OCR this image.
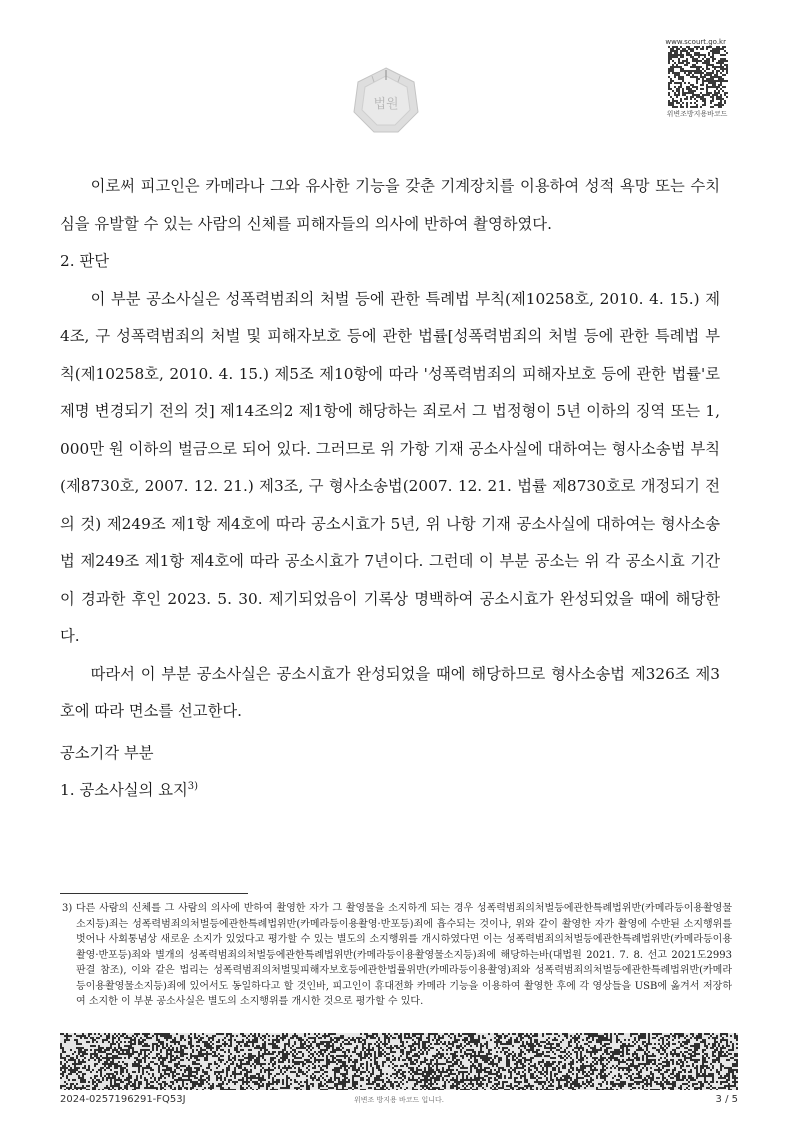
법원
www.scourt.go.kr
위변조방지용바코드

이로써 피고인은 카메라나 그와 유사한 기능을 갖춘 기계장치를 이용하여 성적 욕망 또는 수치심을 유발할 수 있는 사람의 신체를 피해자들의 의사에 반하여 촬영하였다.

2. 판단

이 부분 공소사실은 성폭력범죄의 처벌 등에 관한 특례법 부칙(제10258호, 2010. 4. 15.) 제4조, 구 성폭력범죄의 처벌 및 피해자보호 등에 관한 법률[성폭력범죄의 처벌 등에 관한 특례법 부칙(제10258호, 2010. 4. 15.) 제5조 제10항에 따라 '성폭력범죄의 피해자보호 등에 관한 법률'로 제명 변경되기 전의 것] 제14조의2 제1항에 해당하는 죄로서 그 법정형이 5년 이하의 징역 또는 1,000만 원 이하의 벌금으로 되어 있다. 그러므로 위 가항 기재 공소사실에 대하여는 형사소송법 부칙(제8730호, 2007. 12. 21.) 제3조, 구 형사소송법(2007. 12. 21. 법률 제8730호로 개정되기 전의 것) 제249조 제1항 제4호에 따라 공소시효가 5년, 위 나항 기재 공소사실에 대하여는 형사소송법 제249조 제1항 제4호에 따라 공소시효가 7년이다. 그런데 이 부분 공소는 위 각 공소시효 기간이 경과한 후인 2023. 5. 30. 제기되었음이 기록상 명백하여 공소시효가 완성되었을 때에 해당한다.

따라서 이 부분 공소사실은 공소시효가 완성되었을 때에 해당하므로 형사소송법 제326조 제3호에 따라 면소를 선고한다.

공소기각 부분

1. 공소사실의 요지$^{3)}$

3) 다른 사람의 신체를 그 사람의 의사에 반하여 촬영한 자가 그 촬영물을 소지하게 되는 경우 성폭력범죄의처벌등에관한특례법위반(카메라등이용촬영물소지등)죄는 성폭력범죄의처벌등에관한특례법위반(카메라등이용촬영·반포등)죄에 흡수되는 것이나, 위와 같이 촬영한 자가 촬영에 수반된 소지행위를 벗어나 사회통념상 새로운 소지가 있었다고 평가할 수 있는 별도의 소지행위를 개시하였다면 이는 성폭력범죄의처벌등에관한특례법위반(카메라등이용촬영·반포등)죄와 별개의 성폭력범죄의처벌등에관한특례법위반(카메라등이용촬영물소지등)죄에 해당하는바(대법원 2021. 7. 8. 선고 2021도2993 판결 참조), 이와 같은 법리는 성폭력범죄의처벌및피해자보호등에관한법률위반(카메라등이용촬영)죄와 성폭력범죄의처벌등에관한특례법위반(카메라등이용촬영물소지등)죄에 있어서도 동일하다고 할 것인바, 피고인이 휴대전화 카메라 기능을 이용하여 촬영한 후에 각 영상들을 USB에 옮겨서 저장하여 소지한 이 부분 공소사실은 별도의 소지행위를 개시한 것으로 평가할 수 있다.
2024-0257196291-FQ53J	위변조 방지용 바코드 입니다.	3 / 5
